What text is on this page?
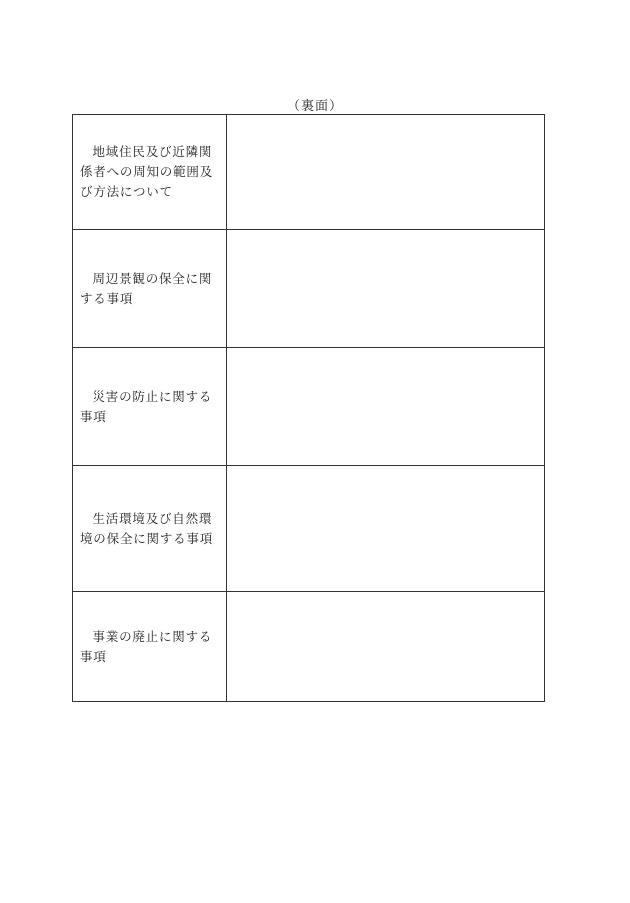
（裏面）
地域住民及び近隣関係者への周知の範囲及び方法について	
周辺景観の保全に関する事項	
災害の防止に関する事項	
生活環境及び自然環境の保全に関する事項	
事業の廃止に関する事項	
